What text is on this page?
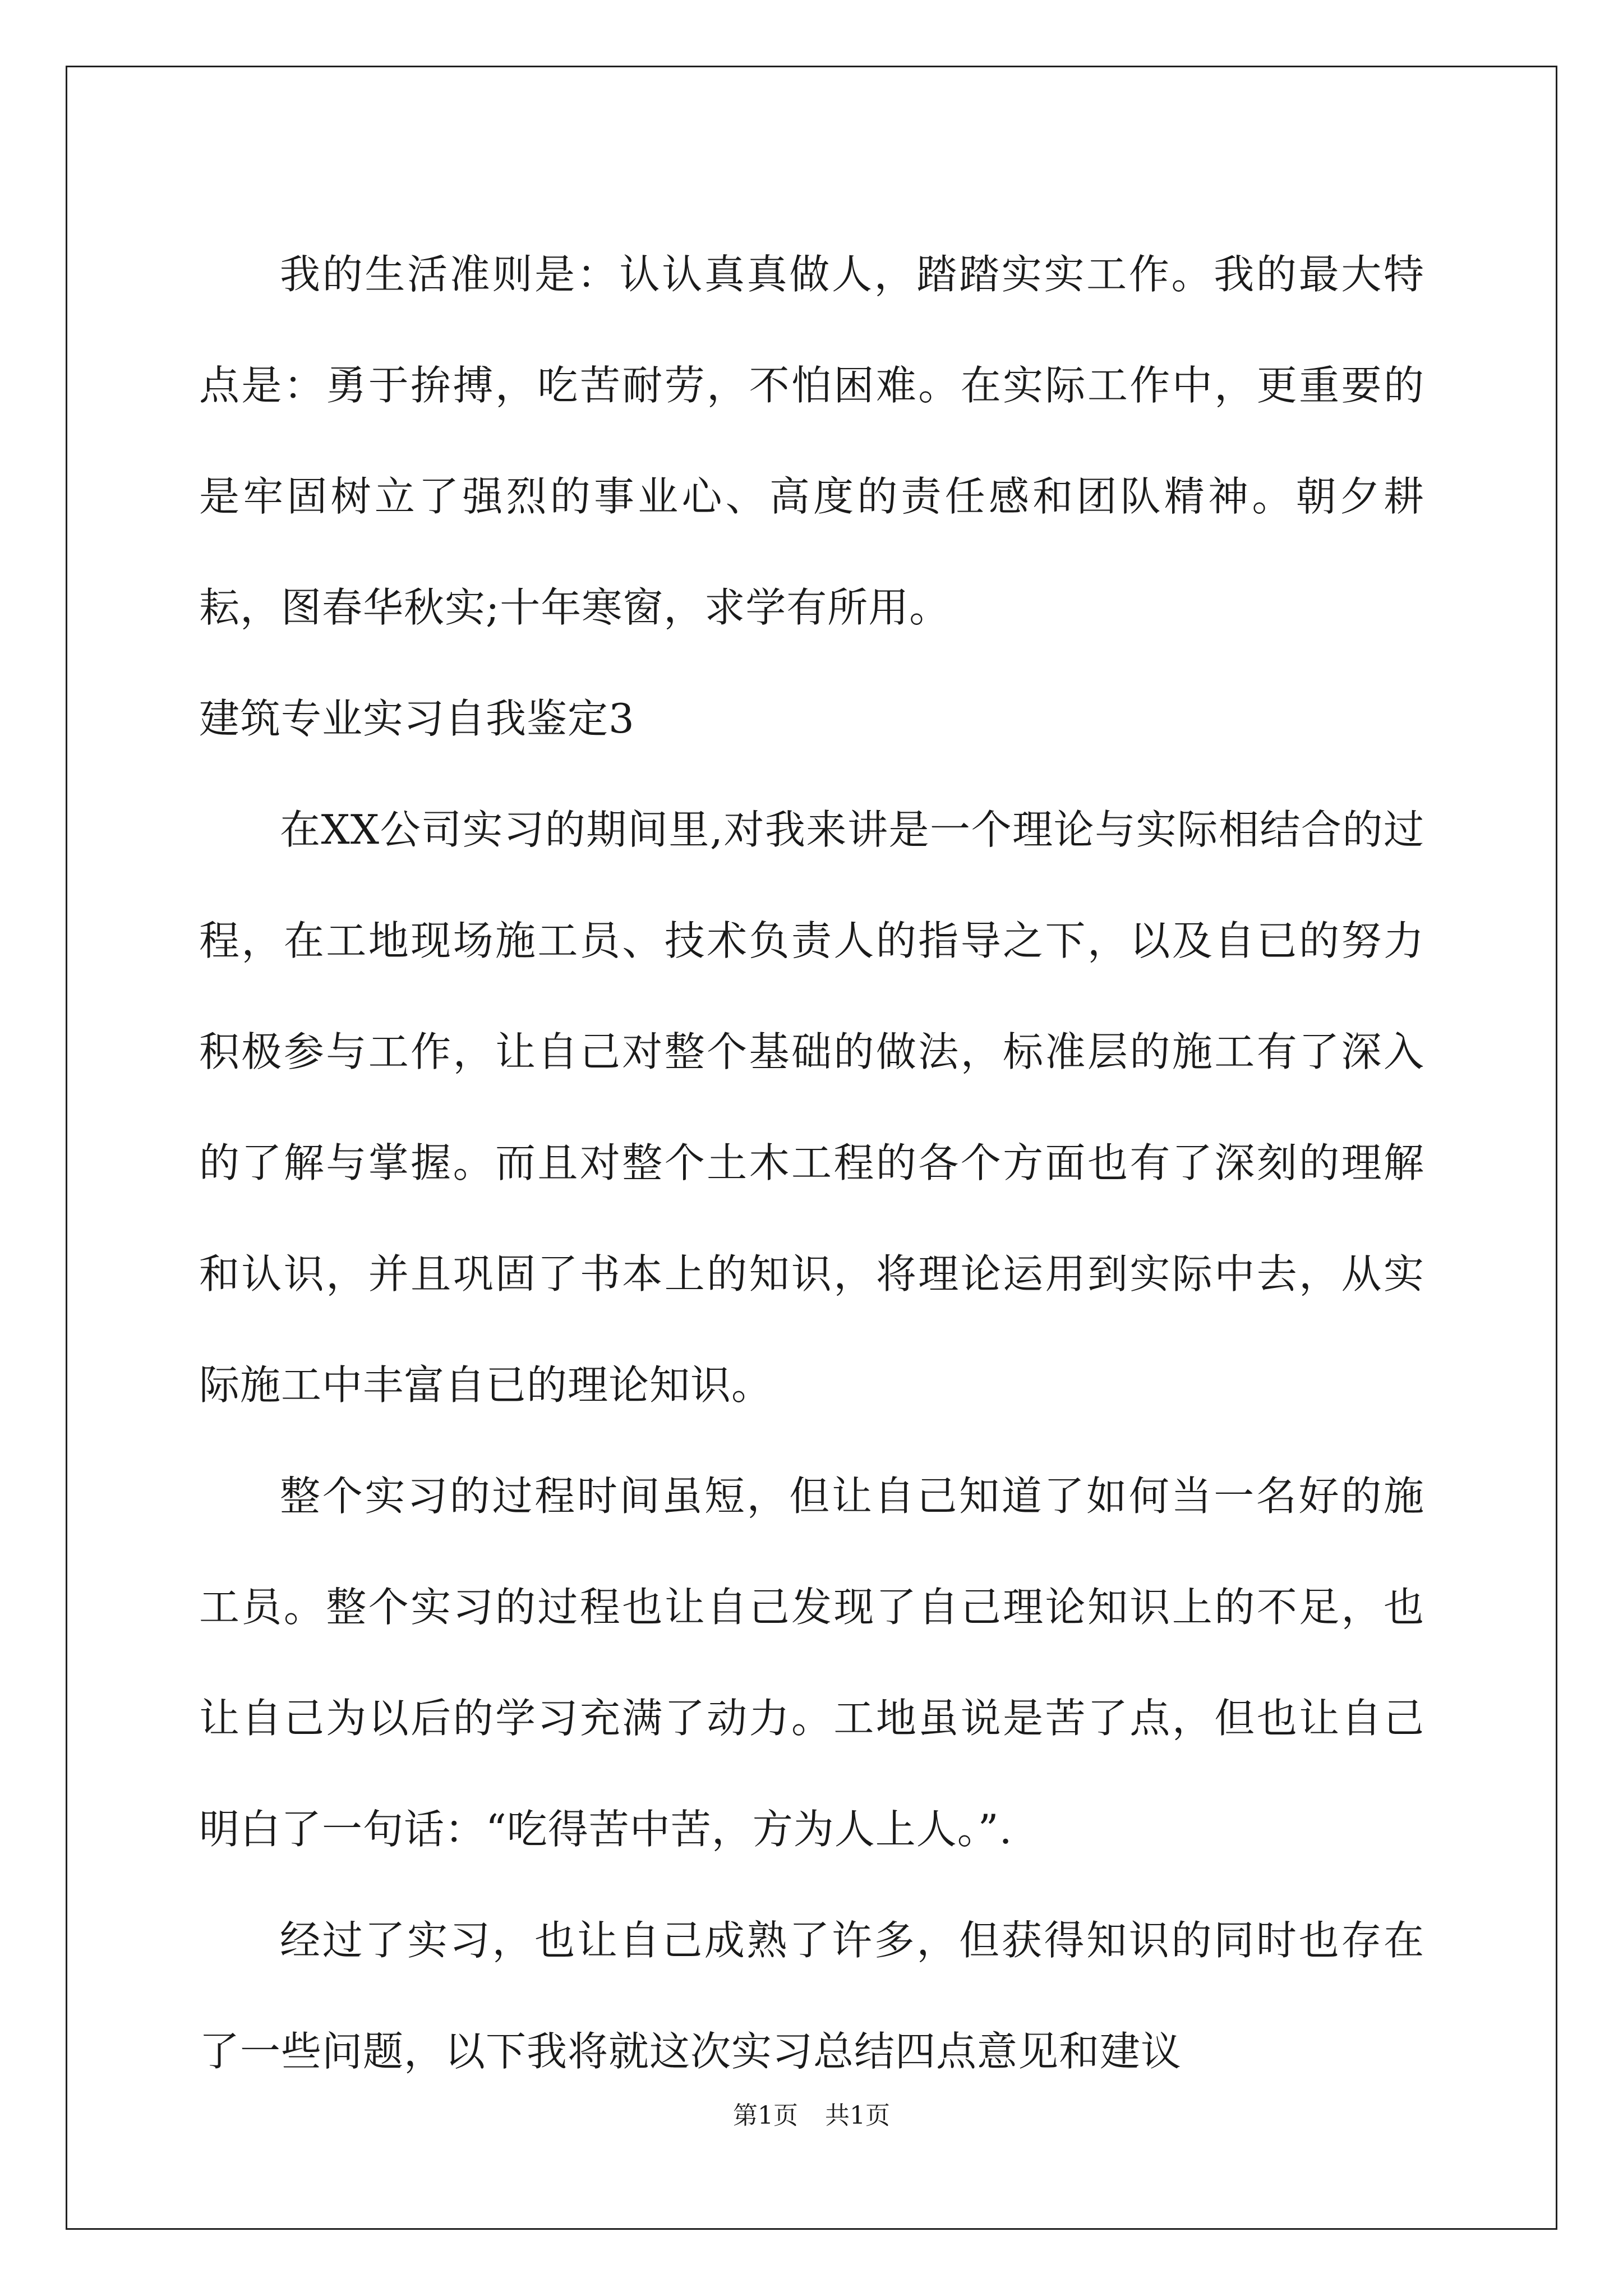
我的生活准则是：认认真真做人，踏踏实实工作。我的最大特点是：勇于拚搏，吃苦耐劳，不怕困难。在实际工作中，更重要的是牢固树立了强烈的事业心、高度的责任感和团队精神。朝夕耕耘，图春华秋实;十年寒窗，求学有所用。

建筑专业实习自我鉴定3

在XX公司实习的期间里,对我来讲是一个理论与实际相结合的过程，在工地现场施工员、技术负责人的指导之下，以及自已的努力积极参与工作，让自己对整个基础的做法，标准层的施工有了深入的了解与掌握。而且对整个土木工程的各个方面也有了深刻的理解和认识，并且巩固了书本上的知识，将理论运用到实际中去，从实际施工中丰富自已的理论知识。

整个实习的过程时间虽短，但让自己知道了如何当一名好的施工员。整个实习的过程也让自己发现了自己理论知识上的不足，也让自己为以后的学习充满了动力。工地虽说是苦了点，但也让自己明白了一句话：“吃得苦中苦，方为人上人。”.

经过了实习，也让自己成熟了许多，但获得知识的同时也存在了一些问题，以下我将就这次实习总结四点意见和建议

第1页 共1页
